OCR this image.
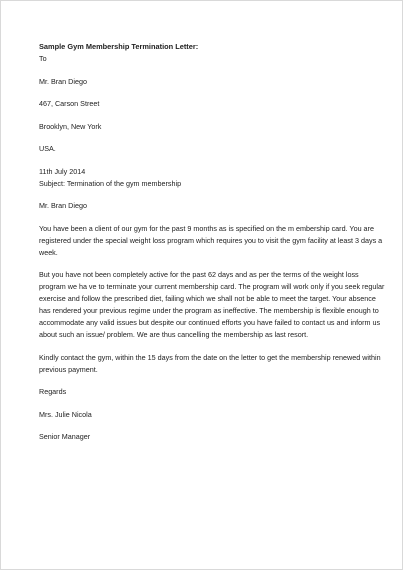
Sample Gym Membership Termination Letter:

To

Mr. Bran Diego

467, Carson Street

Brooklyn, New York

USA.

11th July 2014

Subject: Termination of the gym membership

Mr. Bran Diego

You have been a client of our gym for the past 9 months as is specified on the m embership card. You are
registered under the special weight loss program which requires you to visit the gym facility at least 3 days a
week.
But you have not been completely active for the past 62 days and as per the terms of the weight loss
program we ha ve to terminate your current membership card. The program will work only if you seek regular
exercise and follow the prescribed diet, failing which we shall not be able to meet the target. Your absence
has rendered your previous regime under the program as ineffective. The membership is flexible enough to
accommodate any valid issues but despite our continued efforts you have failed to contact us and inform us
about such an issue/ problem. We are thus cancelling the membership as last resort.
Kindly contact the gym, within the 15 days from the date on the letter to get the membership renewed within
previous payment.

Regards

Mrs. Julie Nicola

Senior Manager
